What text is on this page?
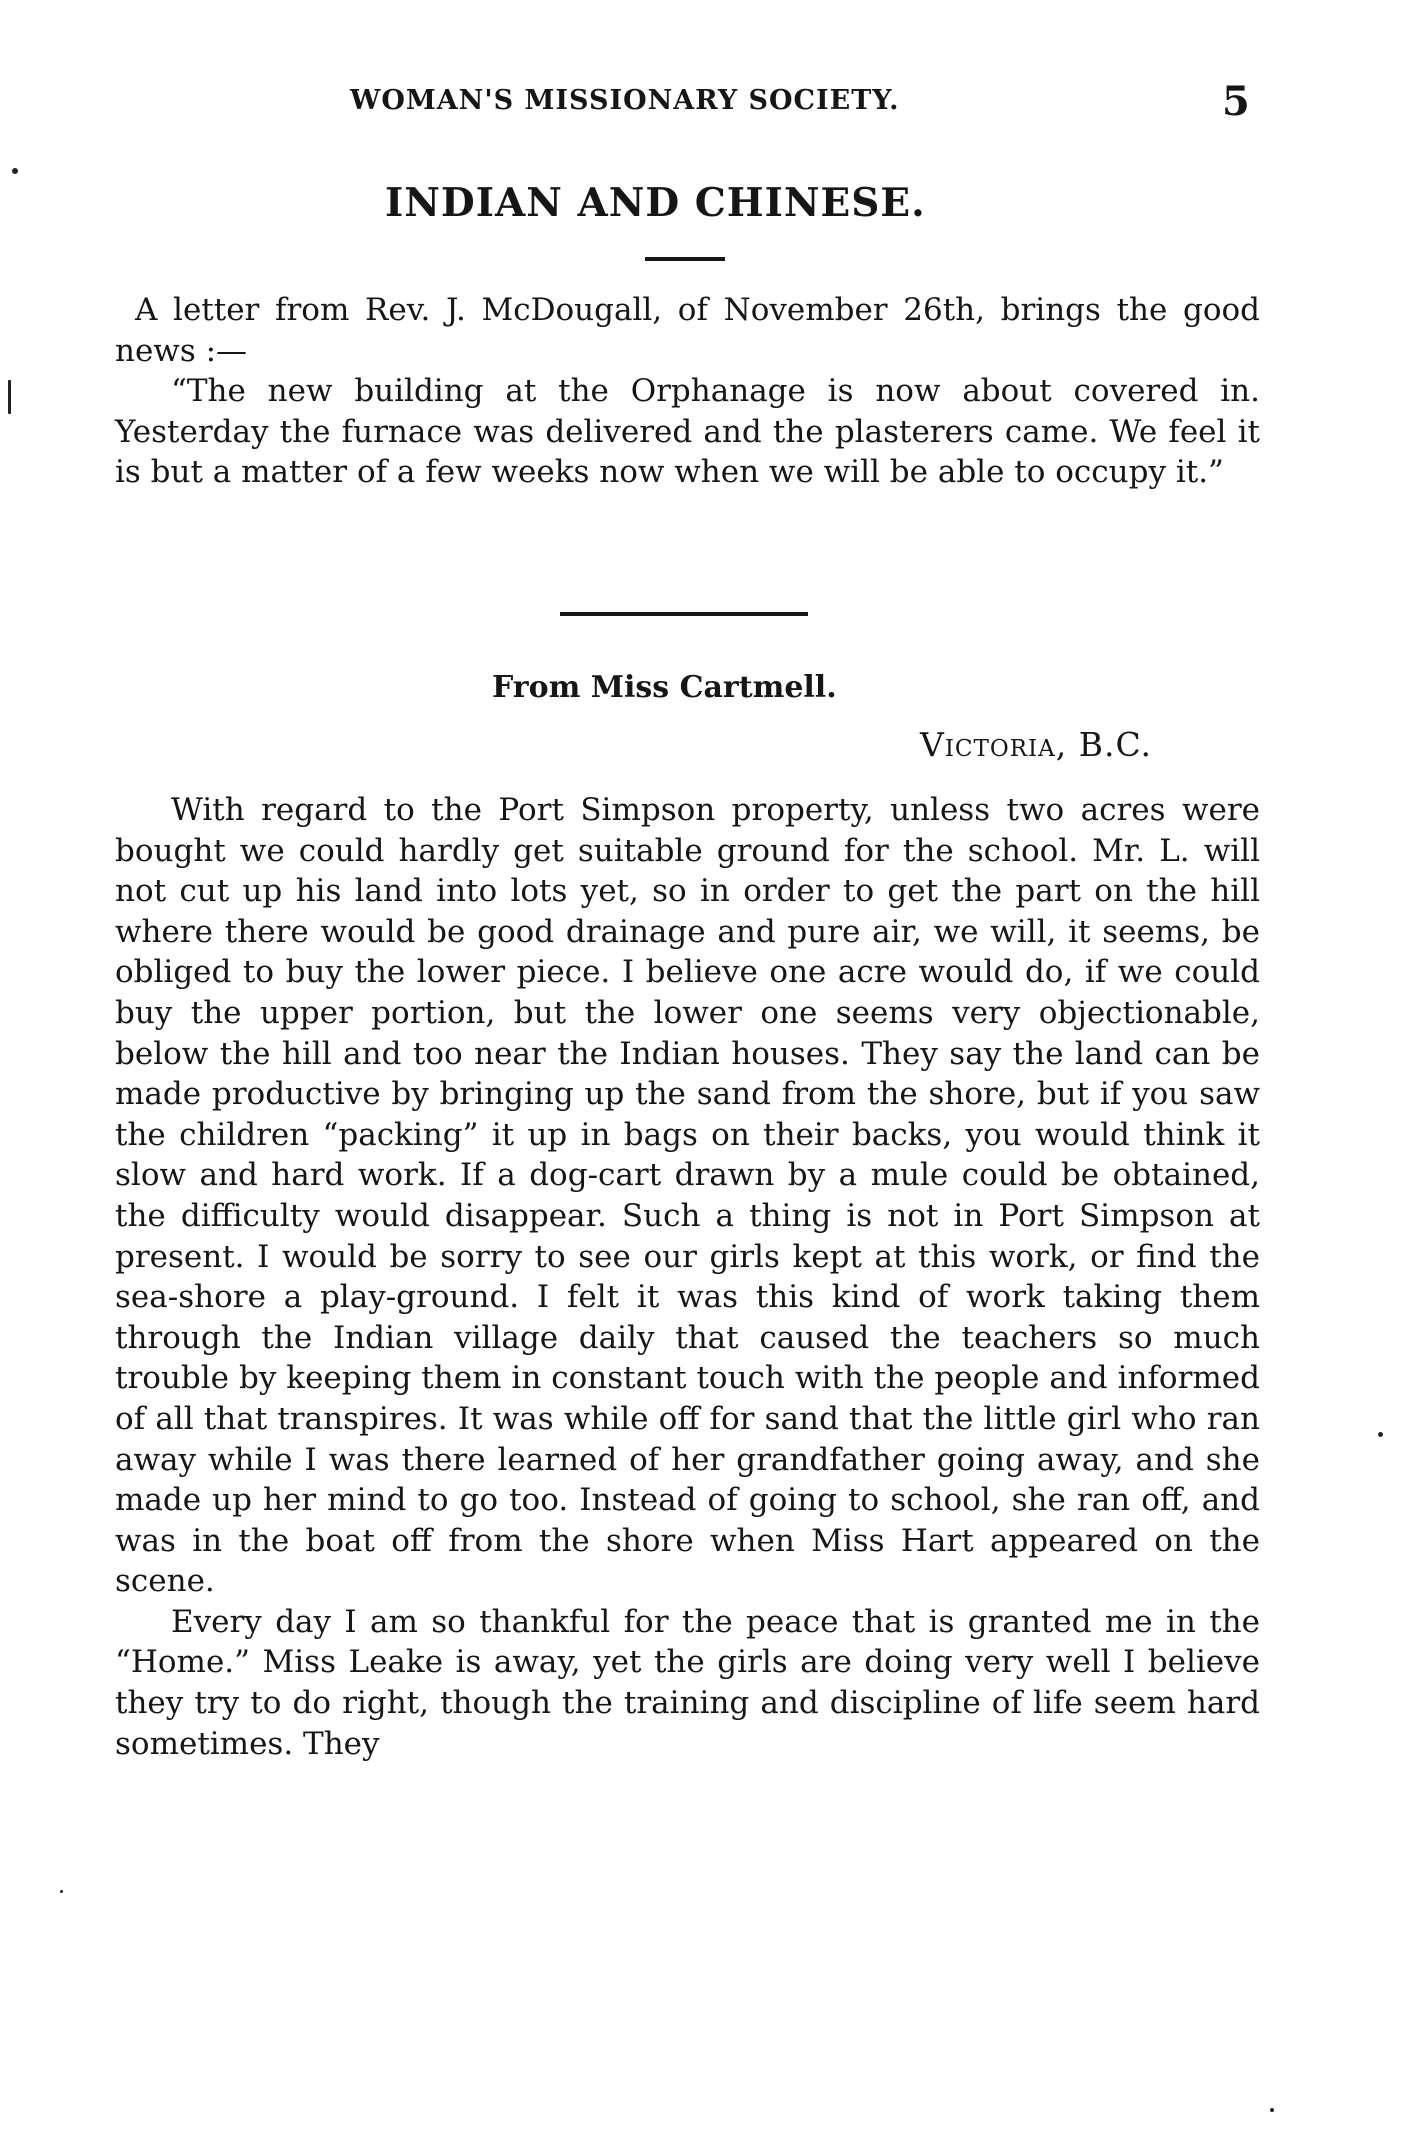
WOMAN'S MISSIONARY SOCIETY.	5
INDIAN AND CHINESE.

A letter from Rev. J. McDougall, of November 26th, brings the good news :—

“The new building at the Orphanage is now about covered in. Yesterday the furnace was delivered and the plasterers came. We feel it is but a matter of a few weeks now when we will be able to occupy it.”

From Miss Cartmell.
Victoria, B.C.

With regard to the Port Simpson property, unless two acres were bought we could hardly get suitable ground for the school. Mr. L. will not cut up his land into lots yet, so in order to get the part on the hill where there would be good drainage and pure air, we will, it seems, be obliged to buy the lower piece. I believe one acre would do, if we could buy the upper portion, but the lower one seems very objectionable, below the hill and too near the Indian houses. They say the land can be made productive by bringing up the sand from the shore, but if you saw the children “packing” it up in bags on their backs, you would think it slow and hard work. If a dog-cart drawn by a mule could be obtained, the difficulty would disappear. Such a thing is not in Port Simpson at present. I would be sorry to see our girls kept at this work, or find the sea-shore a play-ground. I felt it was this kind of work taking them through the Indian village daily that caused the teachers so much trouble by keeping them in constant touch with the people and informed of all that transpires. It was while off for sand that the little girl who ran away while I was there learned of her grandfather going away, and she made up her mind to go too. Instead of going to school, she ran off, and was in the boat off from the shore when Miss Hart appeared on the scene.

Every day I am so thankful for the peace that is granted me in the “Home.” Miss Leake is away, yet the girls are doing very well I believe they try to do right, though the training and discipline of life seem hard sometimes. They
